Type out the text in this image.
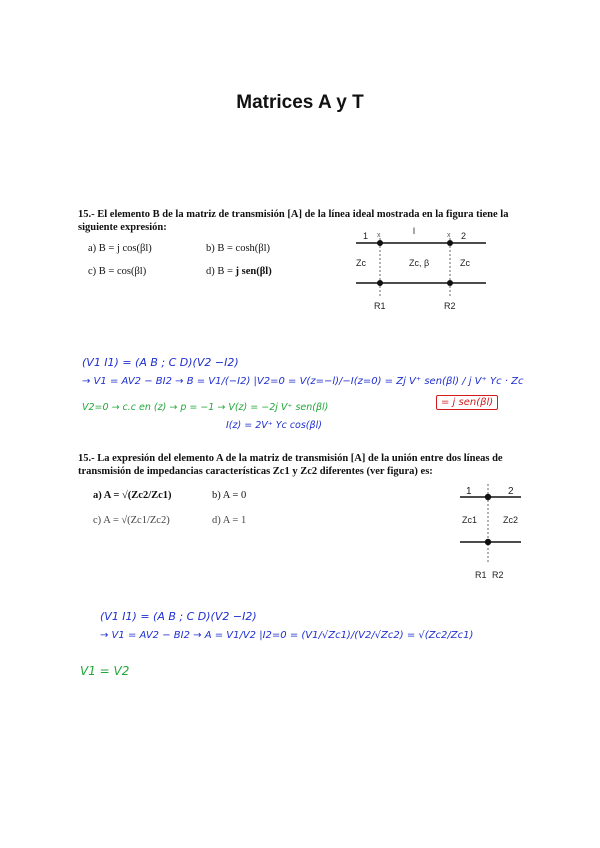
Matrices A y T
15.- El elemento B de la matriz de transmisión [A] de la línea ideal mostrada en la figura tiene la siguiente expresión:
a) B = j cos(βl)	b) B = cosh(βl)
c) B = cos(βl)	d) B = j sen(βl)
1 x	l	x 2
Zc	Zc, β	Zc
R1	R2
(V1 I1) = (A B ; C D)(V2 −I2)
→ V1 = AV2 − BI2 → B = V1/(−I2) |V2=0 = V(z=−l)/−I(z=0) = Zj V⁺ sen(βl) / j V⁺ Yc · Zc
V2=0 → c.c en (z) → p = −1 → V(z) = −2j V⁺ sen(βl)
I(z) = 2V⁺ Yc cos(βl)
= j sen(βl)
15.- La expresión del elemento A de la matriz de transmisión [A] de la unión entre dos líneas de transmisión de impedancias características Zc1 y Zc2 diferentes (ver figura) es:
a) A = √(Zc2/Zc1)	b) A = 0
c) A = √(Zc1/Zc2)	d) A = 1
1	2
Zc1	Zc2
R1 R2
(V1 I1) = (A B ; C D)(V2 −I2)
→ V1 = AV2 − BI2 → A = V1/V2 |I2=0 = (V1/√Zc1)/(V2/√Zc2) = √(Zc2/Zc1)
V1 = V2
